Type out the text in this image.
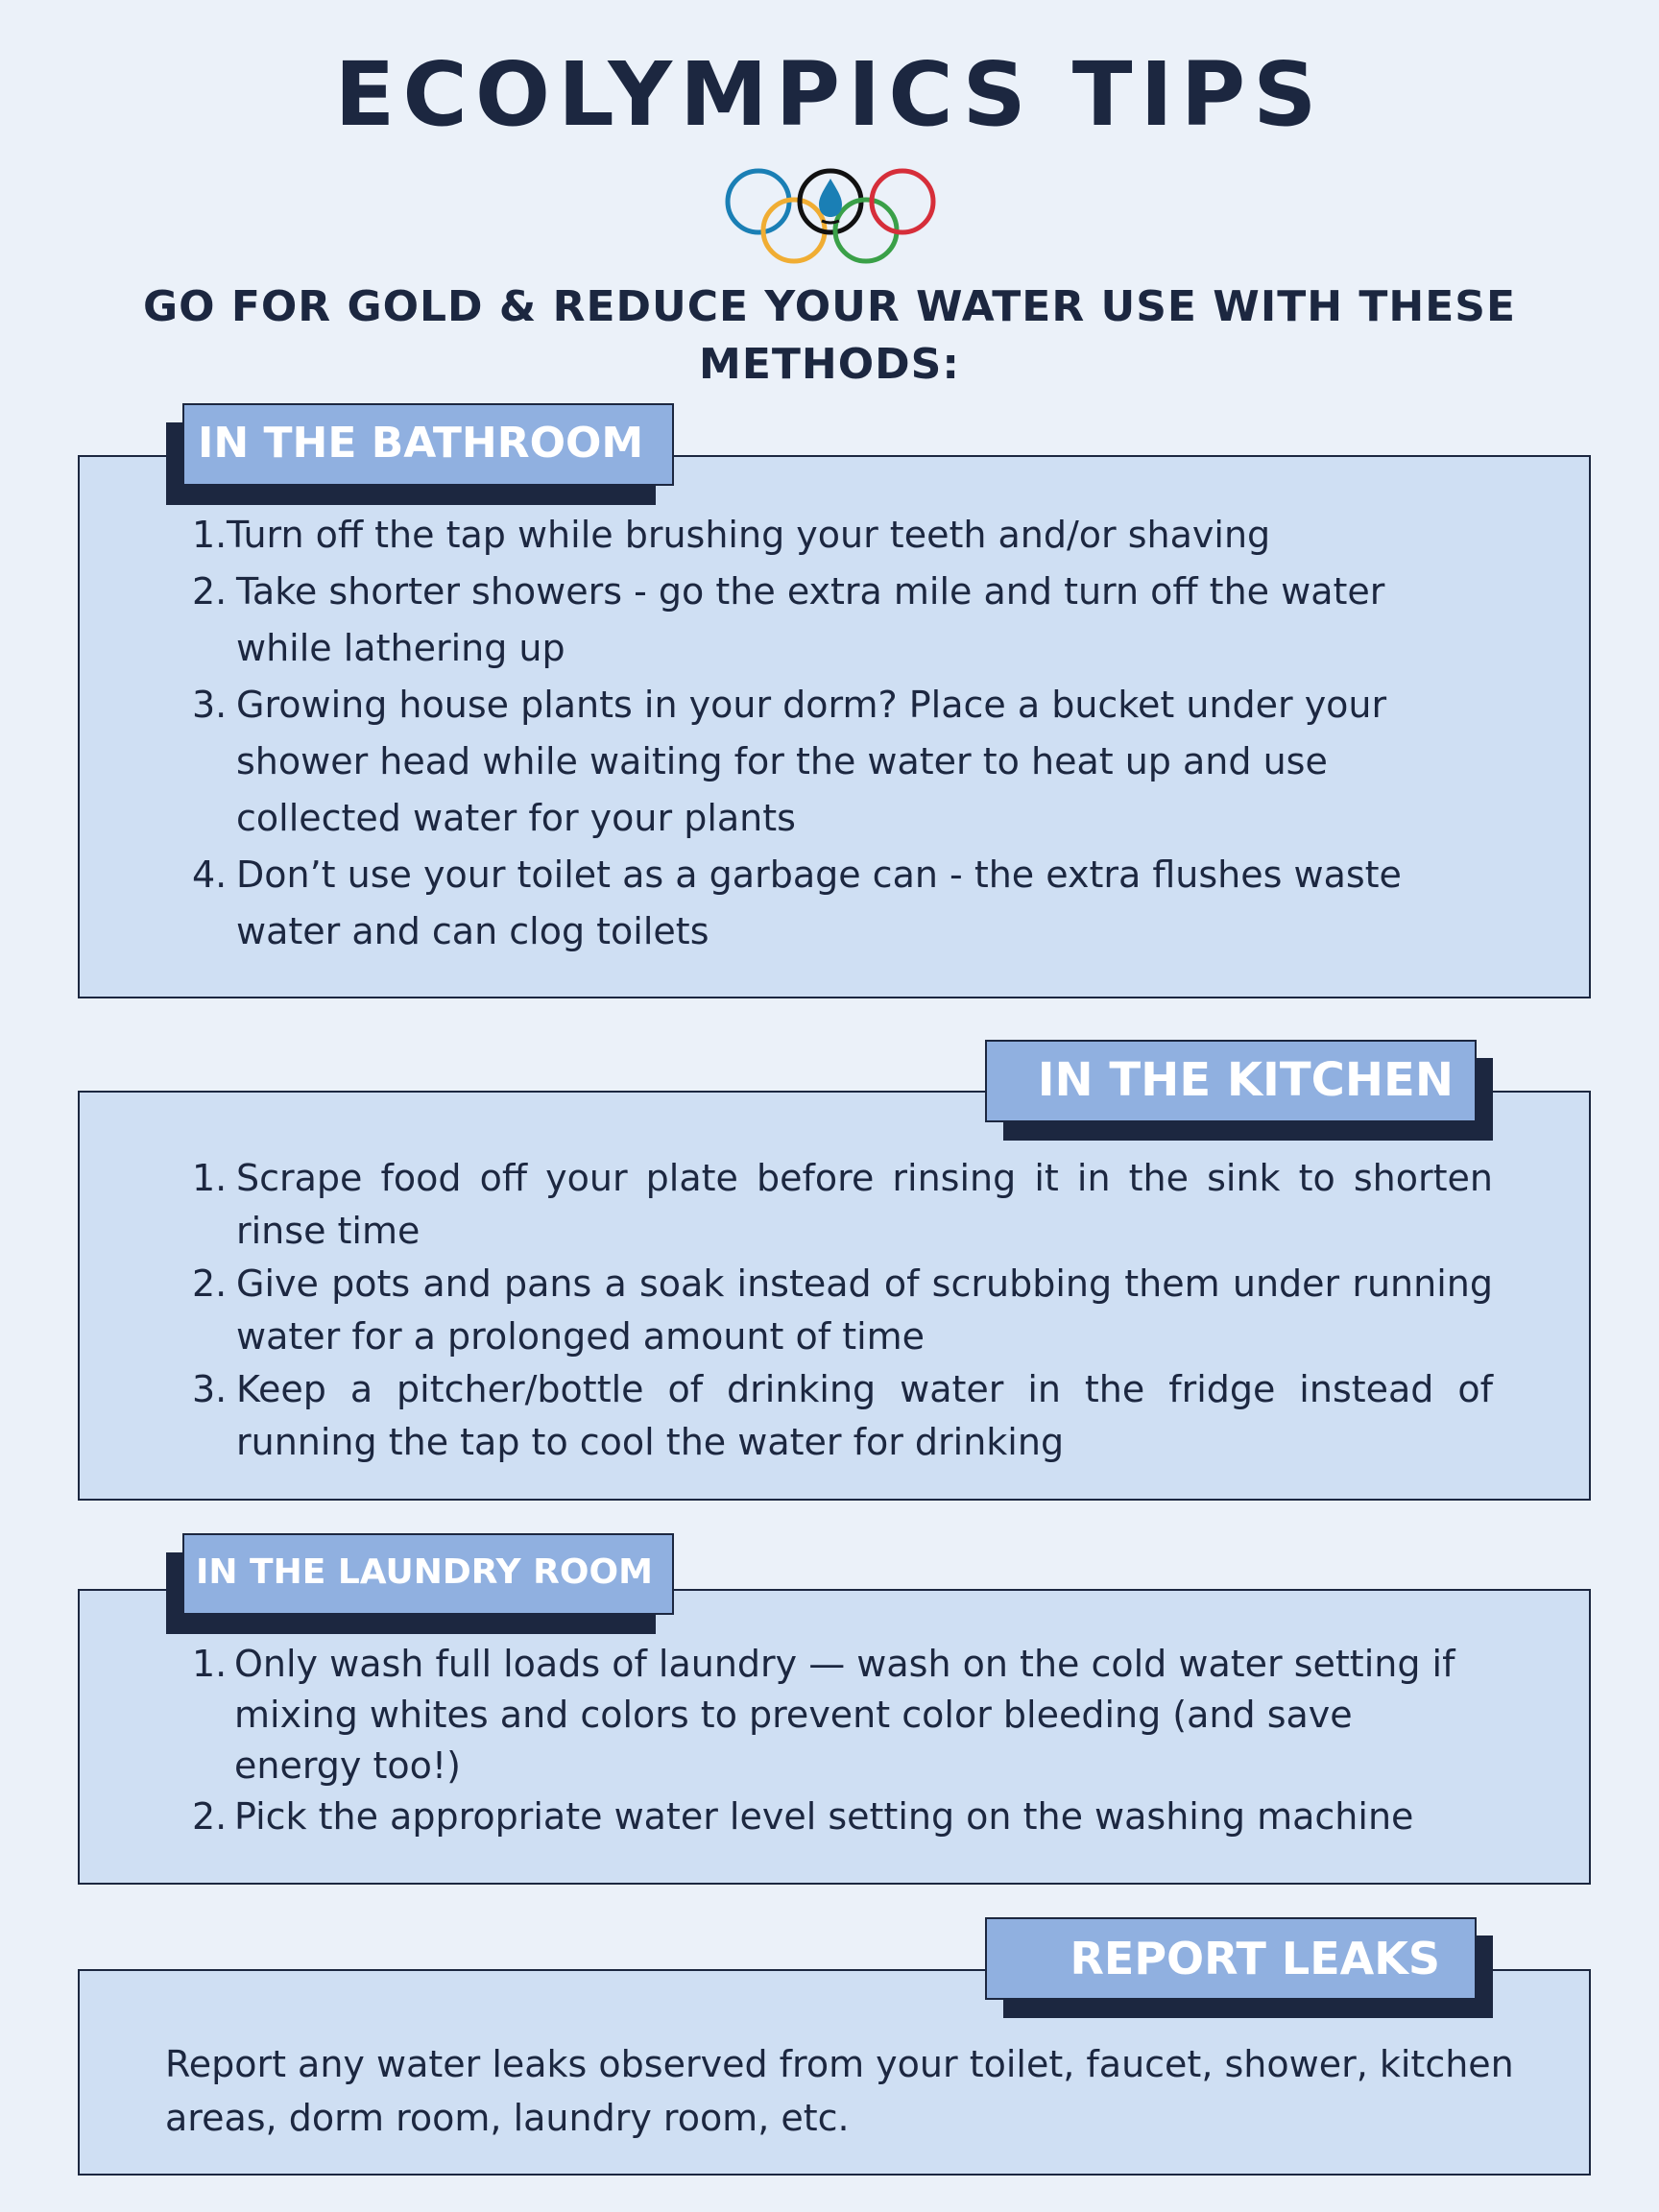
ECOLYMPICS TIPS
GO FOR GOLD & REDUCE YOUR WATER USE WITH THESE METHODS:
IN THE BATHROOM
1. Turn off the tap while brushing your teeth and/or shaving
2. Take shorter showers - go the extra mile and turn off the water while lathering up
3. Growing house plants in your dorm? Place a bucket under your shower head while waiting for the water to heat up and use collected water for your plants
4. Don’t use your toilet as a garbage can - the extra flushes waste water and can clog toilets
IN THE KITCHEN
1. Scrape food off your plate before rinsing it in the sink to shorten rinse time
2. Give pots and pans a soak instead of scrubbing them under running water for a prolonged amount of time
3. Keep a pitcher/bottle of drinking water in the fridge instead of running the tap to cool the water for drinking
IN THE LAUNDRY ROOM
1. Only wash full loads of laundry — wash on the cold water setting if mixing whites and colors to prevent color bleeding (and save energy too!)
2. Pick the appropriate water level setting on the washing machine
REPORT LEAKS

Report any water leaks observed from your toilet, faucet, shower, kitchen areas, dorm room, laundry room, etc.
